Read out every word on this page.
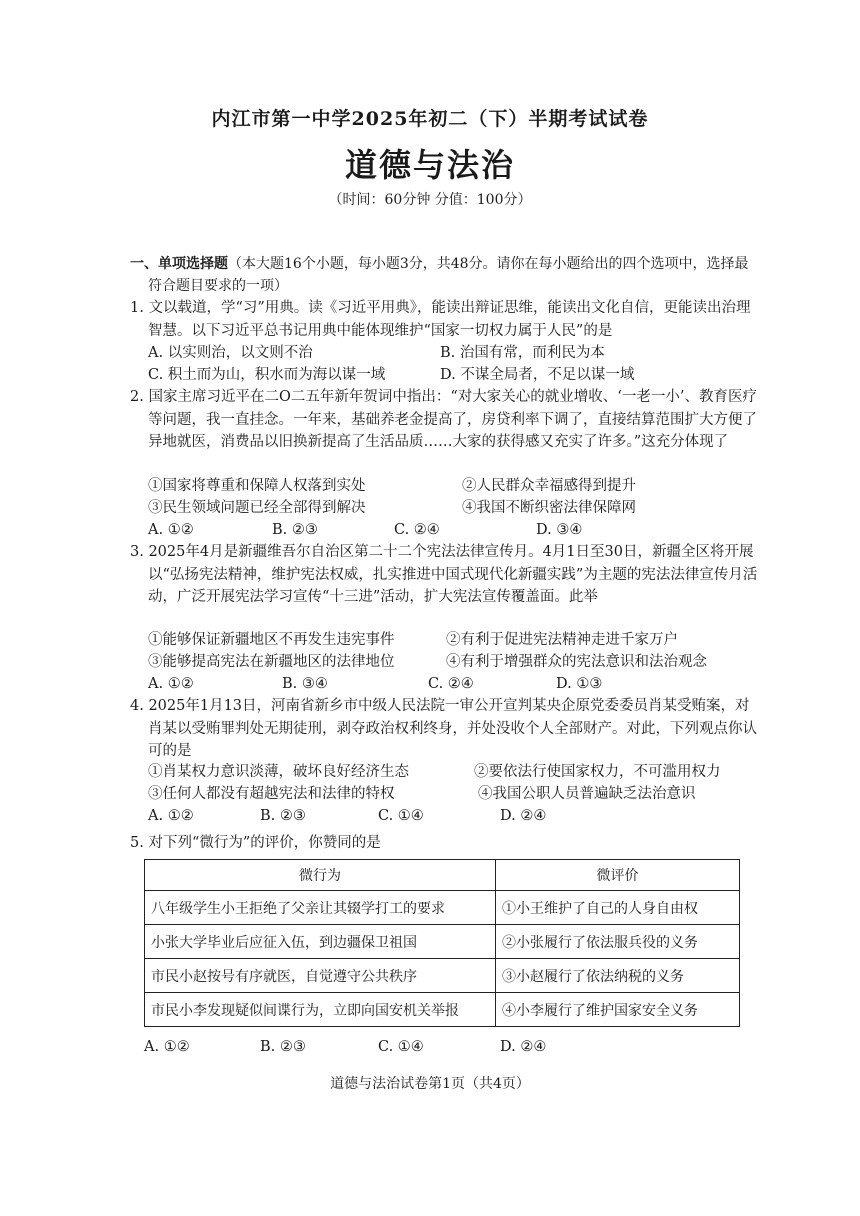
内江市第一中学2025年初二（下）半期考试试卷
道德与法治
（时间：60分钟 分值：100分）
一、单项选择题（本大题16个小题，每小题3分，共48分。请你在每小题给出的四个选项中，选择最符合题目要求的一项）
1. 文以载道，学“习”用典。读《习近平用典》，能读出辩证思维，能读出文化自信，更能读出治理智慧。以下习近平总书记用典中能体现维护“国家一切权力属于人民”的是
A. 以实则治，以文则不治	B. 治国有常，而利民为本
C. 积土而为山，积水而为海以谋一域	D. 不谋全局者，不足以谋一域
2. 国家主席习近平在二O二五年新年贺词中指出：“对大家关心的就业增收、‘一老一小’、教育医疗等问题，我一直挂念。一年来，基础养老金提高了，房贷利率下调了，直接结算范围扩大方便了异地就医，消费品以旧换新提高了生活品质……大家的获得感又充实了许多。”这充分体现了
①国家将尊重和保障人权落到实处	②人民群众幸福感得到提升
③民生领域问题已经全部得到解决	④我国不断织密法律保障网
A. ①②	B. ②③	C. ②④	D. ③④
3. 2025年4月是新疆维吾尔自治区第二十二个宪法法律宣传月。4月1日至30日，新疆全区将开展以“弘扬宪法精神，维护宪法权威，扎实推进中国式现代化新疆实践”为主题的宪法法律宣传月活动，广泛开展宪法学习宣传“十三进”活动，扩大宪法宣传覆盖面。此举
①能够保证新疆地区不再发生违宪事件	②有利于促进宪法精神走进千家万户
③能够提高宪法在新疆地区的法律地位	④有利于增强群众的宪法意识和法治观念
A. ①②	B. ③④	C. ②④	D. ①③
4. 2025年1月13日，河南省新乡市中级人民法院一审公开宣判某央企原党委委员肖某受贿案，对肖某以受贿罪判处无期徒刑，剥夺政治权利终身，并处没收个人全部财产。对此，下列观点你认可的是
①肖某权力意识淡薄，破坏良好经济生态	②要依法行使国家权力，不可滥用权力
③任何人都没有超越宪法和法律的特权	④我国公职人员普遍缺乏法治意识
A. ①②	B. ②③	C. ①④	D. ②④
5. 对下列“微行为”的评价，你赞同的是
微行为	微评价
八年级学生小王拒绝了父亲让其辍学打工的要求	①小王维护了自己的人身自由权
小张大学毕业后应征入伍，到边疆保卫祖国	②小张履行了依法服兵役的义务
市民小赵按号有序就医，自觉遵守公共秩序	③小赵履行了依法纳税的义务
市民小李发现疑似间谍行为，立即向国安机关举报	④小李履行了维护国家安全义务
A. ①②	B. ②③	C. ①④	D. ②④
道德与法治试卷第1页（共4页）
